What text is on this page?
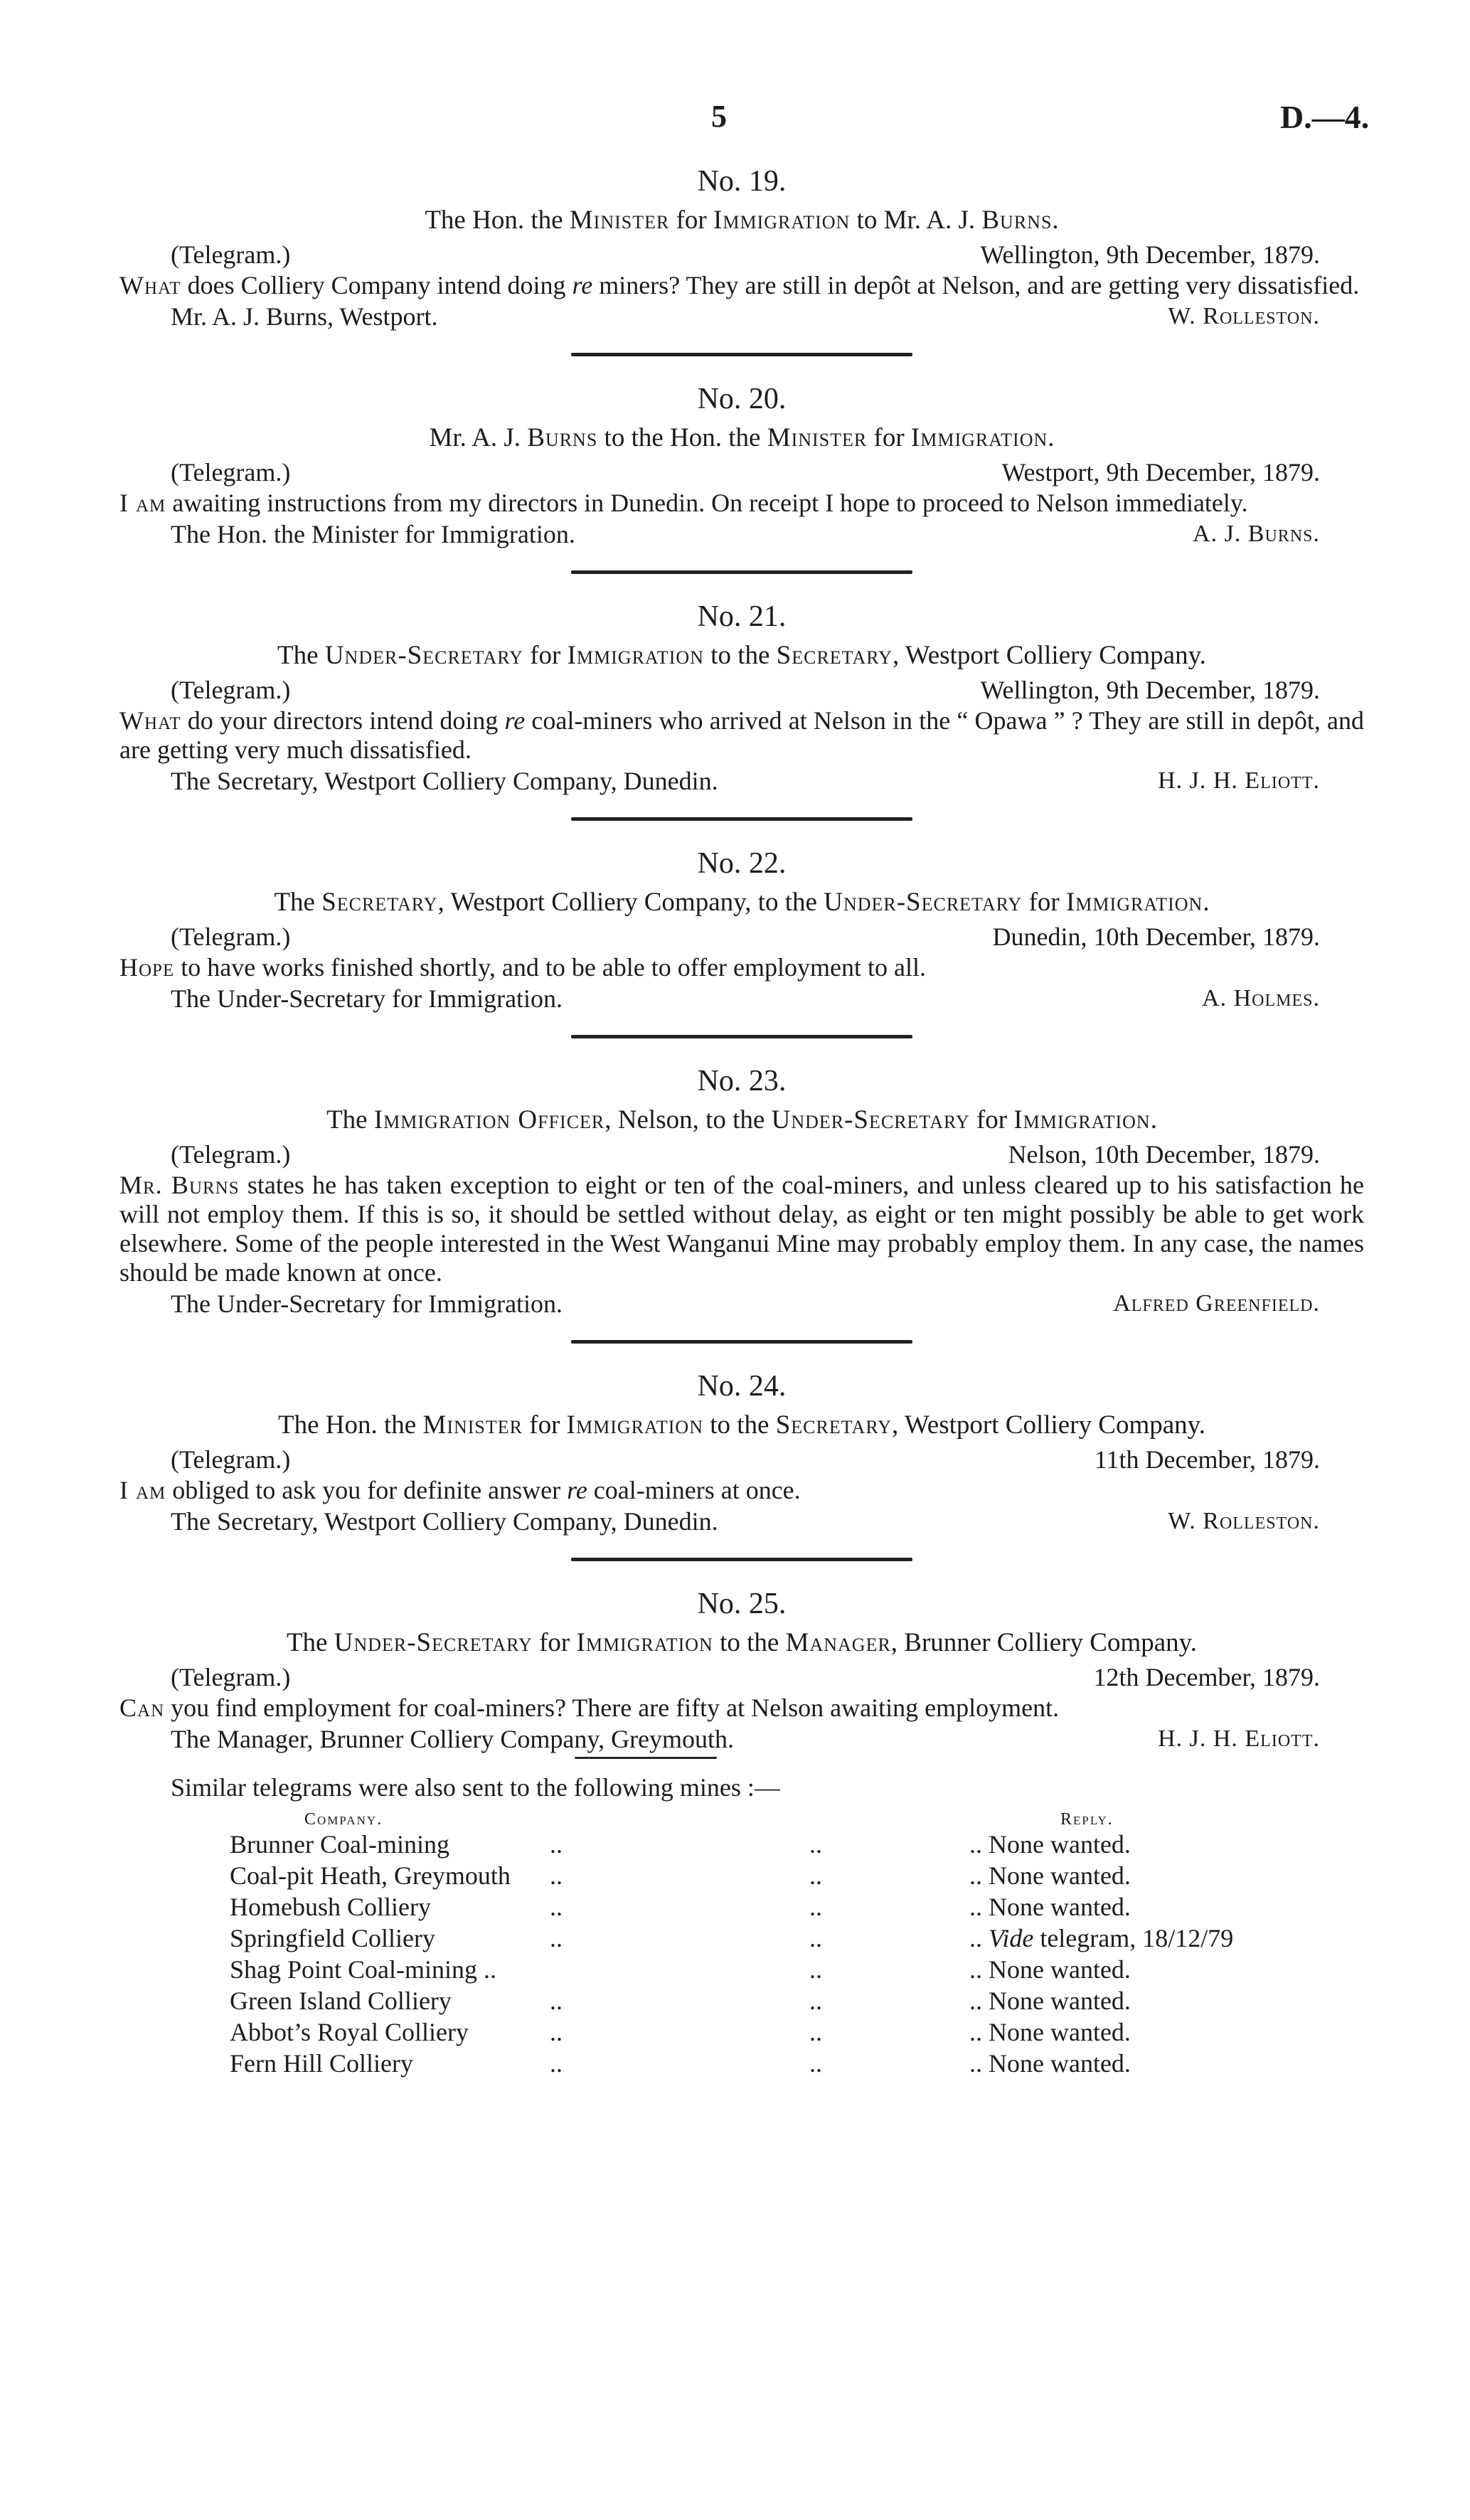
5	D.—4.

No. 19.

The Hon. the Minister for Immigration to Mr. A. J. Burns.

(Telegram.)	Wellington, 9th December, 1879.

What does Colliery Company intend doing re miners? They are still in depôt at Nelson, and are getting very dissatisfied.

Mr. A. J. Burns, Westport.	W. Rolleston.

No. 20.

Mr. A. J. Burns to the Hon. the Minister for Immigration.

(Telegram.)	Westport, 9th December, 1879.

I am awaiting instructions from my directors in Dunedin. On receipt I hope to proceed to Nelson immediately.

The Hon. the Minister for Immigration.	A. J. Burns.

No. 21.

The Under-Secretary for Immigration to the Secretary, Westport Colliery Company.

(Telegram.)	Wellington, 9th December, 1879.

What do your directors intend doing re coal-miners who arrived at Nelson in the “ Opawa ” ? They are still in depôt, and are getting very much dissatisfied.

The Secretary, Westport Colliery Company, Dunedin.	H. J. H. Eliott.

No. 22.

The Secretary, Westport Colliery Company, to the Under-Secretary for Immigration.

(Telegram.)	Dunedin, 10th December, 1879.

Hope to have works finished shortly, and to be able to offer employment to all.

The Under-Secretary for Immigration.	A. Holmes.

No. 23.

The Immigration Officer, Nelson, to the Under-Secretary for Immigration.

(Telegram.)	Nelson, 10th December, 1879.

Mr. Burns states he has taken exception to eight or ten of the coal-miners, and unless cleared up to his satisfaction he will not employ them. If this is so, it should be settled without delay, as eight or ten might possibly be able to get work elsewhere. Some of the people interested in the West Wanganui Mine may probably employ them. In any case, the names should be made known at once.

The Under-Secretary for Immigration.	Alfred Greenfield.

No. 24.

The Hon. the Minister for Immigration to the Secretary, Westport Colliery Company.

(Telegram.)	11th December, 1879.

I am obliged to ask you for definite answer re coal-miners at once.

The Secretary, Westport Colliery Company, Dunedin.	W. Rolleston.

No. 25.

The Under-Secretary for Immigration to the Manager, Brunner Colliery Company.

(Telegram.)	12th December, 1879.

Can you find employment for coal-miners? There are fifty at Nelson awaiting employment.

The Manager, Brunner Colliery Company, Greymouth.	H. J. H. Eliott.

Similar telegrams were also sent to the following mines :—

Company.	Reply.
Brunner Coal-mining	..	..	.. None wanted.
Coal-pit Heath, Greymouth ..	..	.. None wanted.
Homebush Colliery	..	..	.. None wanted.
Springfield Colliery	..	..	.. Vide telegram, 18/12/79
Shag Point Coal-mining ..	..	.. None wanted.
Green Island Colliery	..	..	.. None wanted.
Abbot’s Royal Colliery	..	..	.. None wanted.
Fern Hill Colliery	..	..	.. None wanted.
